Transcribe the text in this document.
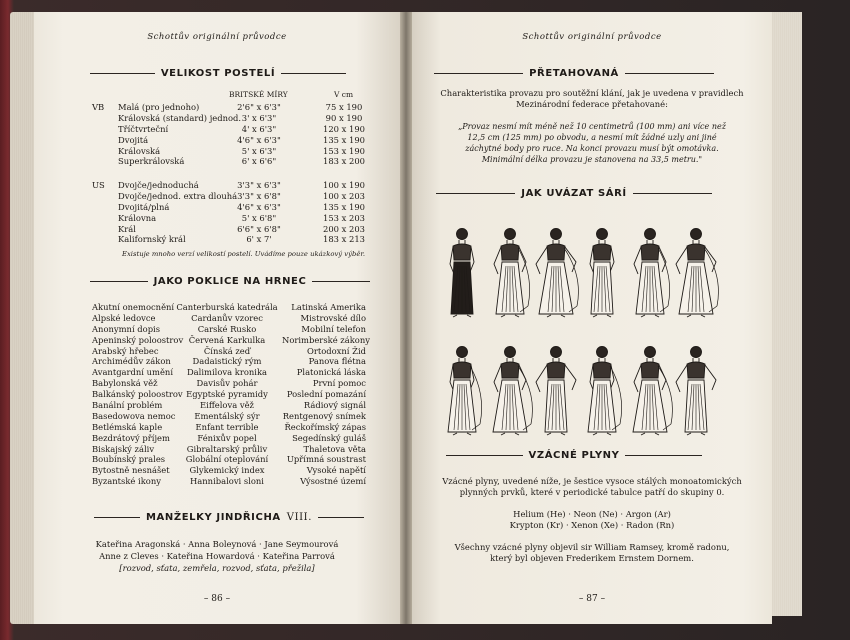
Schottův originální průvodce
VELIKOST POSTELÍ
BRITSKÉ MÍRY	V cm
VB Malá (pro jednoho)
Královská (standard) jednod.
Tříčtvrteční
Dvojitá
Královská
Superkrálovská
2'6" x 6'3"
3' x 6'3"
4' x 6'3"
4'6" x 6'3"
5' x 6'3"
6' x 6'6"
75 x 190
90 x 190
120 x 190
135 x 190
153 x 190
183 x 200
US Dvojče/jednoduchá
Dvojče/jednod. extra dlouhá
Dvojitá/plná
Královna
Král
Kalifornský král
3'3" x 6'3"
3'3" x 6'8"
4'6" x 6'3"
5' x 6'8"
6'6" x 6'8"
6' x 7'
100 x 190
100 x 203
135 x 190
153 x 203
200 x 203
183 x 213
Existuje mnoho verzí velikostí postelí. Uvádíme pouze ukázkový výběr.
JAKO POKLICE NA HRNEC
Akutní onemocnění
Alpské ledovce
Anonymní dopis
Apeninský poloostrov
Arabský hřebec
Archimédův zákon
Avantgardní umění
Babylonská věž
Balkánský poloostrov
Banální problém
Basedowova nemoc
Betlémská kaple
Bezdrátový příjem
Biskajský záliv
Boubínský prales
Bytostně nesnášet
Byzantské ikony
Canterburská katedrála
Cardanův vzorec
Carské Rusko
Červená Karkulka
Čínská zeď
Dadaistický rým
Dalimilova kronika
Davisův pohár
Egyptské pyramidy
Eiffelova věž
Ementálský sýr
Enfant terrible
Fénixův popel
Gibraltarský průliv
Globální oteplování
Glykemický index
Hannibalovi sloni
Latinská Amerika
Mistrovské dílo
Mobilní telefon
Norimberské zákony
Ortodoxní Žid
Panova flétna
Platonická láska
První pomoc
Poslední pomazání
Rádiový signál
Rentgenový snímek
Řeckořímský zápas
Segedínský guláš
Thaletova věta
Upřímná soustrast
Vysoké napětí
Výsostné území
MANŽELKY JINDŘICHA VIII.
Kateřina Aragonská · Anna Boleynová · Jane Seymourová
Anne z Cleves · Kateřina Howardová · Kateřina Parrová
[rozvod, sťata, zemřela, rozvod, sťata, přežila]
– 86 –
Schottův originální průvodce
PŘETAHOVANÁ
Charakteristika provazu pro soutěžní klání, jak je uvedena v pravidlech
Mezinárodní federace přetahované:
„Provaz nesmí mít méně než 10 centimetrů (100 mm) ani více než
12,5 cm (125 mm) po obvodu, a nesmí mít žádné uzly ani jiné
záchytné body pro ruce. Na konci provazu musí být omotávka.
Minimální délka provazu je stanovena na 33,5 metru."
JAK UVÁZAT SÁRÍ
VZÁCNÉ PLYNY
Vzácné plyny, uvedené níže, je šestice vysoce stálých monoatomických
plynných prvků, které v periodické tabulce patří do skupiny 0.
Helium (He) · Neon (Ne) · Argon (Ar)
Krypton (Kr) · Xenon (Xe) · Radon (Rn)
Všechny vzácné plyny objevil sir William Ramsey, kromě radonu,
který byl objeven Frederikem Ernstem Dornem.
– 87 –
